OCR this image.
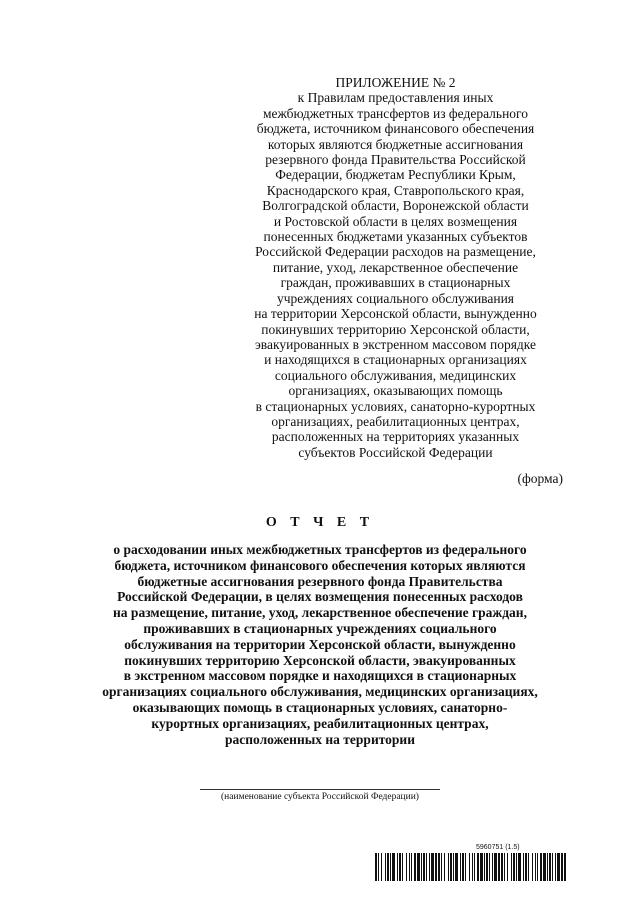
ПРИЛОЖЕНИЕ № 2
к Правилам предоставления иных
межбюджетных трансфертов из федерального
бюджета, источником финансового обеспечения
которых являются бюджетные ассигнования
резервного фонда Правительства Российской
Федерации, бюджетам Республики Крым,
Краснодарского края, Ставропольского края,
Волгоградской области, Воронежской области
и Ростовской области в целях возмещения
понесенных бюджетами указанных субъектов
Российской Федерации расходов на размещение,
питание, уход, лекарственное обеспечение
граждан, проживавших в стационарных
учреждениях социального обслуживания
на территории Херсонской области, вынужденно
покинувших территорию Херсонской области,
эвакуированных в экстренном массовом порядке
и находящихся в стационарных организациях
социального обслуживания, медицинских
организациях, оказывающих помощь
в стационарных условиях, санаторно-курортных
организациях, реабилитационных центрах,
расположенных на территориях указанных
субъектов Российской Федерации
(форма)
О Т Ч Е Т
о расходовании иных межбюджетных трансфертов из федерального
бюджета, источником финансового обеспечения которых являются
бюджетные ассигнования резервного фонда Правительства
Российской Федерации, в целях возмещения понесенных расходов
на размещение, питание, уход, лекарственное обеспечение граждан,
проживавших в стационарных учреждениях социального
обслуживания на территории Херсонской области, вынужденно
покинувших территорию Херсонской области, эвакуированных
в экстренном массовом порядке и находящихся в стационарных
организациях социального обслуживания, медицинских организациях,
оказывающих помощь в стационарных условиях, санаторно-
курортных организациях, реабилитационных центрах,
расположенных на территории
(наименование субъекта Российской Федерации)
5960751 (1.5)
